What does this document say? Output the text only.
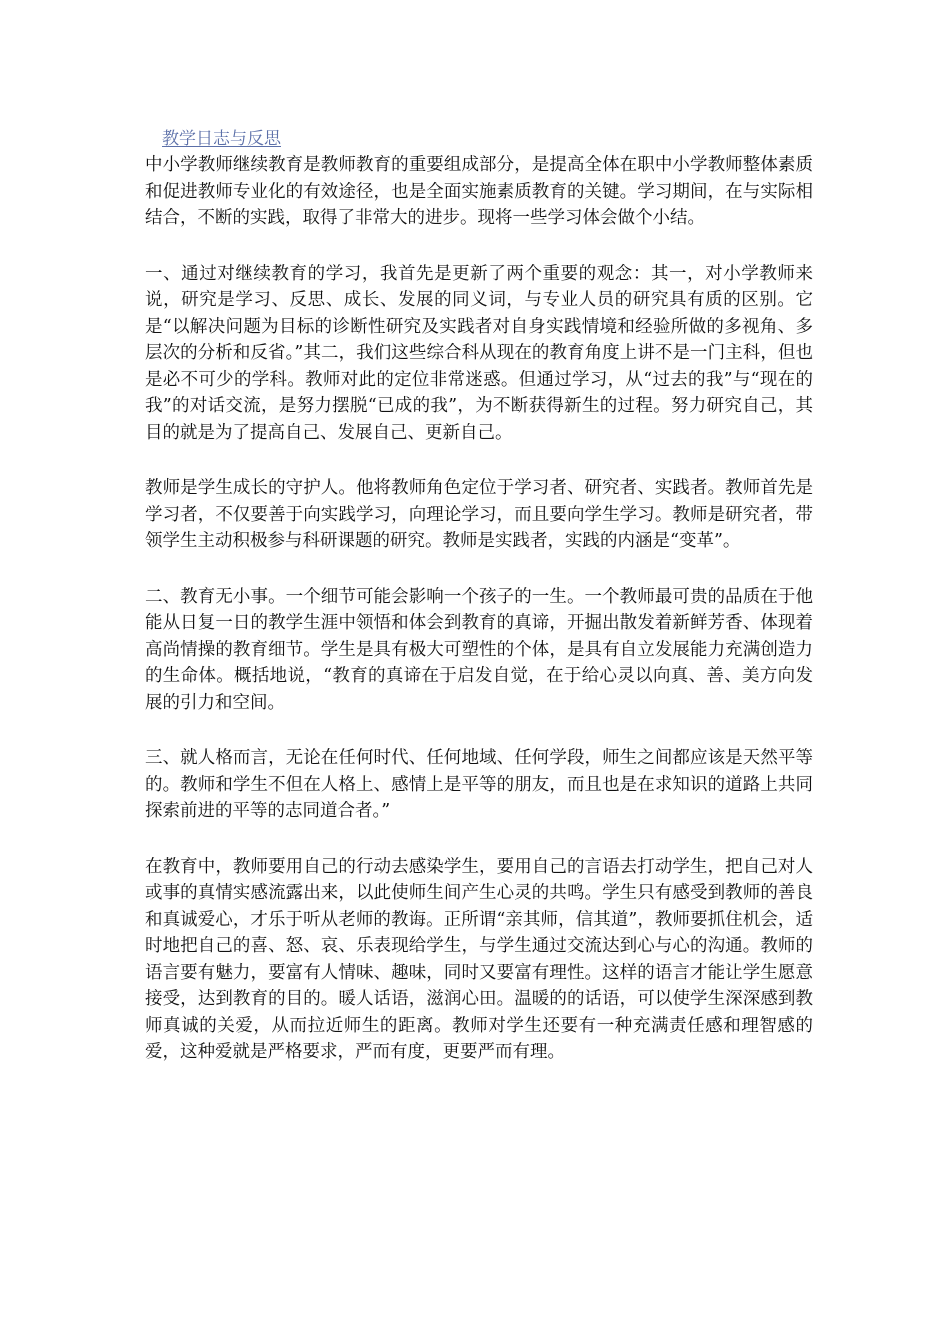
教学日志与反思

中小学教师继续教育是教师教育的重要组成部分，是提高全体在职中小学教师整体素质和促进教师专业化的有效途径，也是全面实施素质教育的关键。学习期间，在与实际相结合，不断的实践，取得了非常大的进步。现将一些学习体会做个小结。

一、通过对继续教育的学习，我首先是更新了两个重要的观念：其一，对小学教师来说，研究是学习、反思、成长、发展的同义词，与专业人员的研究具有质的区别。它是“以解决问题为目标的诊断性研究及实践者对自身实践情境和经验所做的多视角、多层次的分析和反省。”其二，我们这些综合科从现在的教育角度上讲不是一门主科，但也是必不可少的学科。教师对此的定位非常迷惑。但通过学习，从“过去的我”与“现在的我”的对话交流，是努力摆脱“已成的我”，为不断获得新生的过程。努力研究自己，其目的就是为了提高自己、发展自己、更新自己。

教师是学生成长的守护人。他将教师角色定位于学习者、研究者、实践者。教师首先是学习者，不仅要善于向实践学习，向理论学习，而且要向学生学习。教师是研究者，带领学生主动积极参与科研课题的研究。教师是实践者，实践的内涵是“变革”。

二、教育无小事。一个细节可能会影响一个孩子的一生。一个教师最可贵的品质在于他能从日复一日的教学生涯中领悟和体会到教育的真谛，开掘出散发着新鲜芳香、体现着高尚情操的教育细节。学生是具有极大可塑性的个体，是具有自立发展能力充满创造力的生命体。概括地说，“教育的真谛在于启发自觉，在于给心灵以向真、善、美方向发展的引力和空间。

三、就人格而言，无论在任何时代、任何地域、任何学段，师生之间都应该是天然平等的。教师和学生不但在人格上、感情上是平等的朋友，而且也是在求知识的道路上共同探索前进的平等的志同道合者。”

在教育中，教师要用自己的行动去感染学生，要用自己的言语去打动学生，把自己对人或事的真情实感流露出来，以此使师生间产生心灵的共鸣。学生只有感受到教师的善良和真诚爱心，才乐于听从老师的教诲。正所谓“亲其师，信其道”，教师要抓住机会，适时地把自己的喜、怒、哀、乐表现给学生，与学生通过交流达到心与心的沟通。教师的语言要有魅力，要富有人情味、趣味，同时又要富有理性。这样的语言才能让学生愿意接受，达到教育的目的。暖人话语，滋润心田。温暖的的话语，可以使学生深深感到教师真诚的关爱，从而拉近师生的距离。教师对学生还要有一种充满责任感和理智感的爱，这种爱就是严格要求，严而有度，更要严而有理。
